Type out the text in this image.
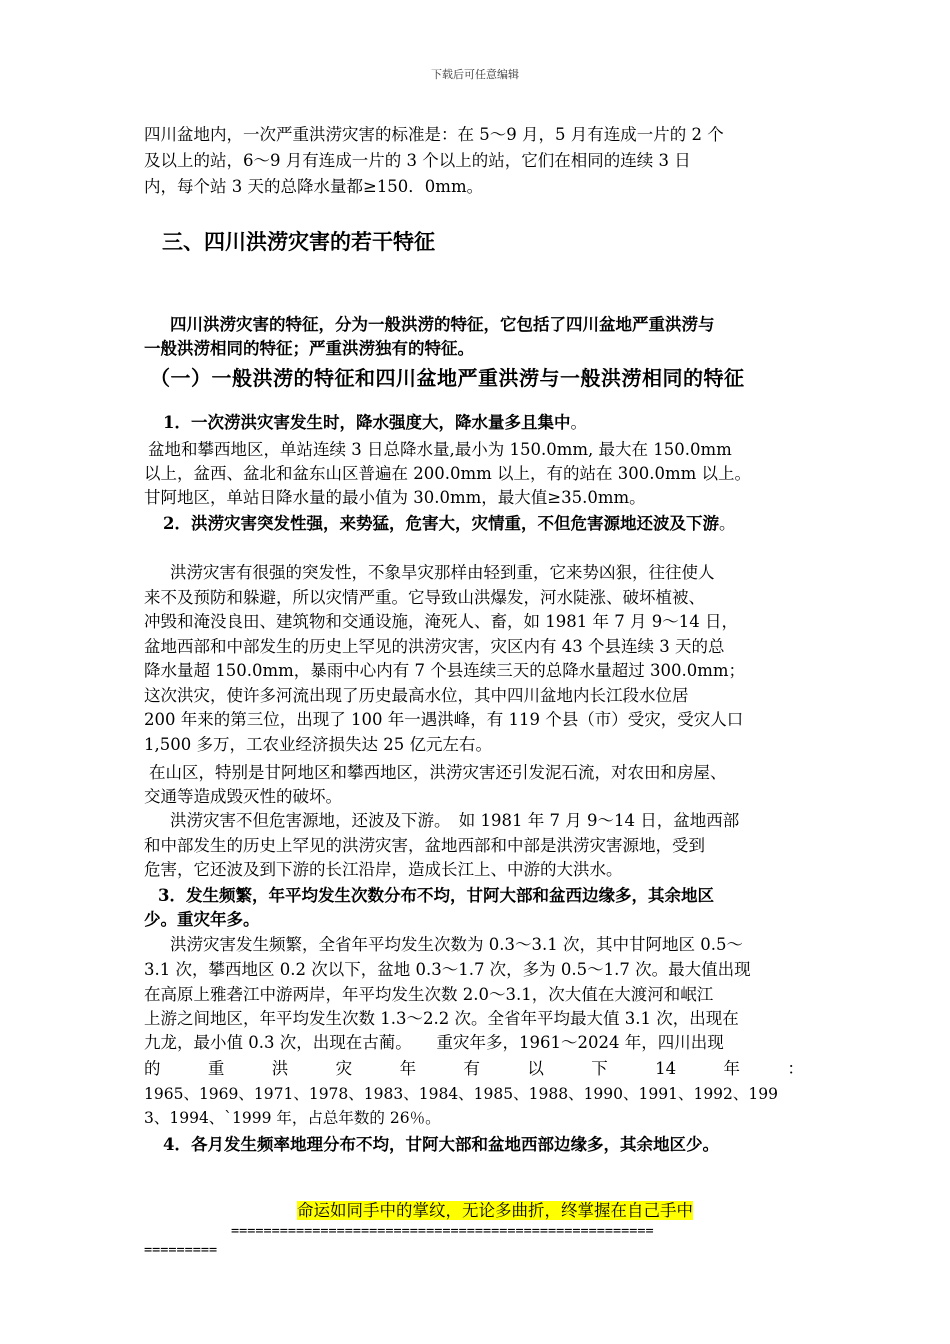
下载后可任意编辑
四川盆地内，一次严重洪涝灾害的标准是：在 5～9 月，5 月有连成一片的 2 个
及以上的站，6～9 月有连成一片的 3 个以上的站，它们在相同的连续 3 日
内，每个站 3 天的总降水量都≥150．0mm。
三、四川洪涝灾害的若干特征
四川洪涝灾害的特征，分为一般洪涝的特征，它包括了四川盆地严重洪涝与
一般洪涝相同的特征；严重洪涝独有的特征。
（一）一般洪涝的特征和四川盆地严重洪涝与一般洪涝相同的特征
1．一次涝洪灾害发生时，降水强度大，降水量多且集中。
盆地和攀西地区，单站连续 3 日总降水量,最小为 150.0mm, 最大在 150.0mm
以上，盆西、盆北和盆东山区普遍在 200.0mm 以上，有的站在 300.0mm 以上。
甘阿地区，单站日降水量的最小值为 30.0mm，最大值≥35.0mm。
2．洪涝灾害突发性强，来势猛，危害大，灾情重，不但危害源地还波及下游。
洪涝灾害有很强的突发性，不象旱灾那样由轻到重，它来势凶狠，往往使人
来不及预防和躲避，所以灾情严重。它导致山洪爆发，河水陡涨、破坏植被、
冲毁和淹没良田、建筑物和交通设施，淹死人、畜，如 1981 年 7 月 9～14 日，
盆地西部和中部发生的历史上罕见的洪涝灾害，灾区内有 43 个县连续 3 天的总
降水量超 150.0mm，暴雨中心内有 7 个县连续三天的总降水量超过 300.0mm；
这次洪灾，使许多河流出现了历史最高水位，其中四川盆地内长江段水位居
200 年来的第三位，出现了 100 年一遇洪峰，有 119 个县（市）受灾，受灾人口
1,500 多万，工农业经济损失达 25 亿元左右。
在山区，特别是甘阿地区和攀西地区，洪涝灾害还引发泥石流，对农田和房屋、
交通等造成毁灭性的破坏。
洪涝灾害不但危害源地，还波及下游。　如 1981 年 7 月 9～14 日，盆地西部
和中部发生的历史上罕见的洪涝灾害，盆地西部和中部是洪涝灾害源地，受到
危害，它还波及到下游的长江沿岸，造成长江上、中游的大洪水。
3．发生频繁，年平均发生次数分布不均，甘阿大部和盆西边缘多，其余地区
少。重灾年多。
洪涝灾害发生频繁，全省年平均发生次数为 0.3～3.1 次，其中甘阿地区 0.5～
3.1 次，攀西地区 0.2 次以下，盆地 0.3～1.7 次，多为 0.5～1.7 次。最大值出现
在高原上雅砻江中游两岸，年平均发生次数 2.0～3.1，次大值在大渡河和岷江
上游之间地区，年平均发生次数 1.3～2.2 次。全省年平均最大值 3.1 次，出现在
九龙，最小值 0.3 次，出现在古蔺。　　重灾年多，1961～2024 年，四川出现
的	重	洪	灾	年	有	以	下	14	年	：
1965、1969、1971、1978、1983、1984、1985、1988、1990、1991、1992、199
3、1994、`1999 年，占总年数的 26％。
4．各月发生频率地理分布不均，甘阿大部和盆地西部边缘多，其余地区少。
命运如同手中的掌纹，无论多曲折，终掌握在自己手中
====================================================
=========
